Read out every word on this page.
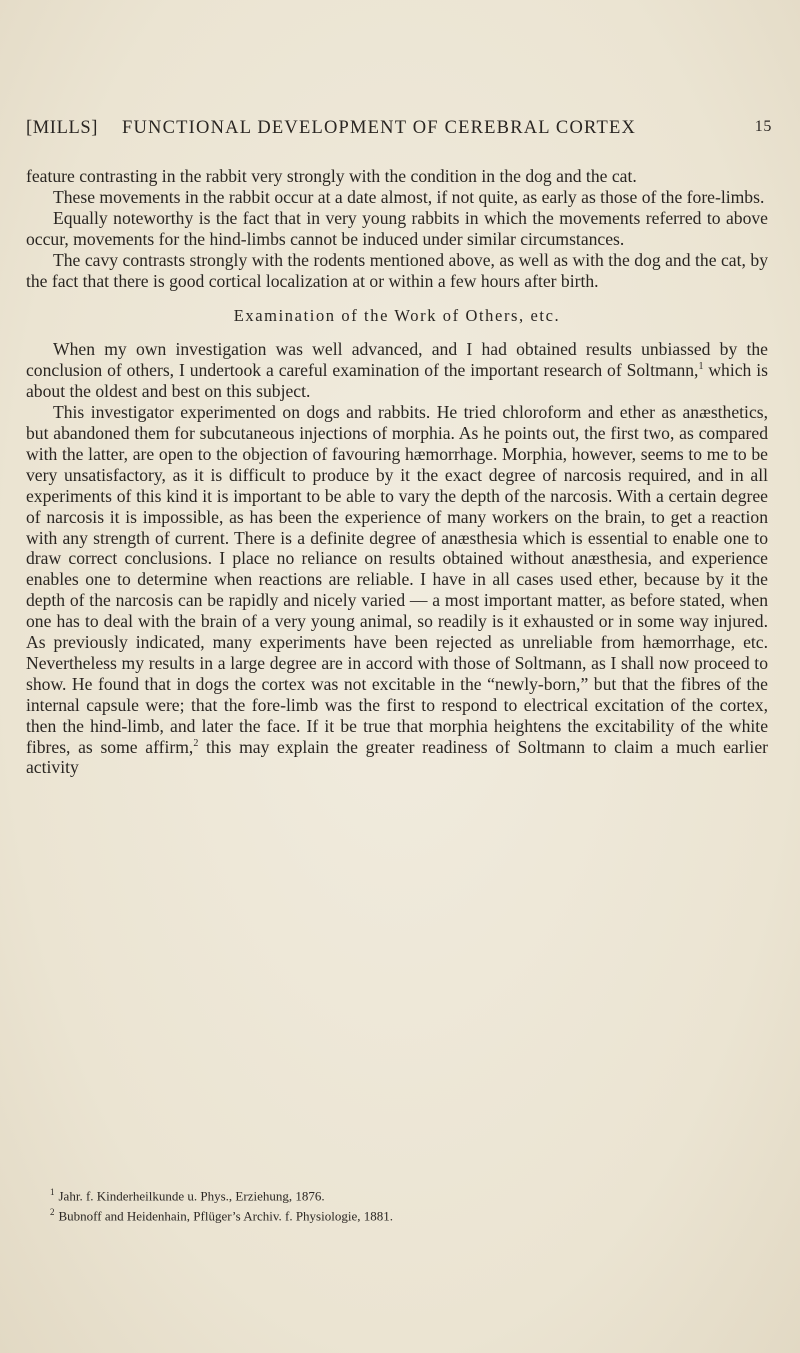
[MILLS] FUNCTIONAL DEVELOPMENT OF CEREBRAL CORTEX	15

feature contrasting in the rabbit very strongly with the condition in the dog and the cat.

These movements in the rabbit occur at a date almost, if not quite, as early as those of the fore-limbs.

Equally noteworthy is the fact that in very young rabbits in which the movements referred to above occur, movements for the hind-limbs cannot be induced under similar circumstances.

The cavy contrasts strongly with the rodents mentioned above, as well as with the dog and the cat, by the fact that there is good cortical localization at or within a few hours after birth.

Examination of the Work of Others, etc.

When my own investigation was well advanced, and I had obtained results unbiassed by the conclusion of others, I undertook a careful examination of the important research of Soltmann,$^1$ which is about the oldest and best on this subject.

This investigator experimented on dogs and rabbits. He tried chloroform and ether as anæsthetics, but abandoned them for subcutaneous injections of morphia. As he points out, the first two, as compared with the latter, are open to the objection of favouring hæmorrhage. Morphia, however, seems to me to be very unsatisfactory, as it is difficult to produce by it the exact degree of narcosis required, and in all experiments of this kind it is important to be able to vary the depth of the narcosis. With a certain degree of narcosis it is impossible, as has been the experience of many workers on the brain, to get a reaction with any strength of current. There is a definite degree of anæsthesia which is essential to enable one to draw correct conclusions. I place no reliance on results obtained without anæsthesia, and experience enables one to determine when reactions are reliable. I have in all cases used ether, because by it the depth of the narcosis can be rapidly and nicely varied — a most important matter, as before stated, when one has to deal with the brain of a very young animal, so readily is it exhausted or in some way injured. As previously indicated, many experiments have been rejected as unreliable from hæmorrhage, etc. Nevertheless my results in a large degree are in accord with those of Soltmann, as I shall now proceed to show. He found that in dogs the cortex was not excitable in the “newly-born,” but that the fibres of the internal capsule were; that the fore-limb was the first to respond to electrical excitation of the cortex, then the hind-limb, and later the face. If it be true that morphia heightens the excitability of the white fibres, as some affirm,$^2$ this may explain the greater readiness of Soltmann to claim a much earlier activity

$^1$ Jahr. f. Kinderheilkunde u. Phys., Erziehung, 1876.

$^2$ Bubnoff and Heidenhain, Pflüger’s Archiv. f. Physiologie, 1881.
